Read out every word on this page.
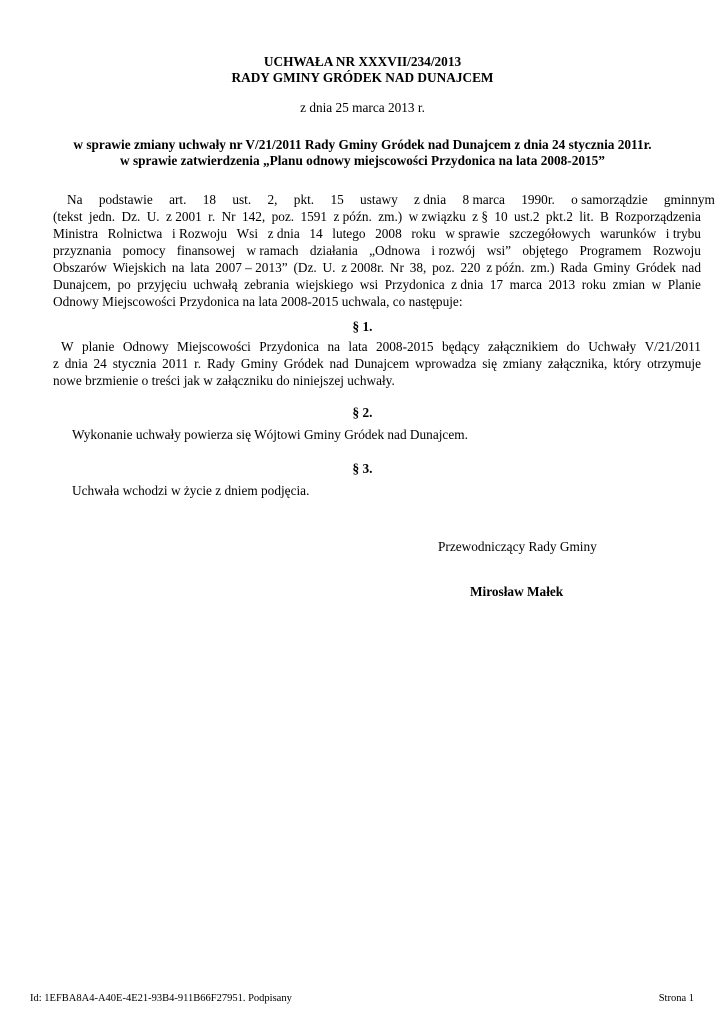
UCHWAŁA NR XXXVII/234/2013
RADY GMINY GRÓDEK NAD DUNAJCEM
z dnia 25 marca 2013 r.
w sprawie zmiany uchwały nr V/21/2011 Rady Gminy Gródek nad Dunajcem z dnia 24 stycznia 2011r.
w sprawie zatwierdzenia „Planu odnowy miejscowości Przydonica na lata 2008-2015”
Na podstawie art. 18 ust. 2, pkt. 15 ustawy z dnia 8 marca 1990r. o samorządzie gminnym
(tekst jedn. Dz. U. z 2001 r. Nr 142, poz. 1591 z późn. zm.) w związku z § 10 ust.2 pkt.2 lit. B Rozporządzenia
Ministra Rolnictwa i Rozwoju Wsi z dnia 14 lutego 2008 roku w sprawie szczegółowych warunków i trybu
przyznania pomocy finansowej w ramach działania „Odnowa i rozwój wsi” objętego Programem Rozwoju
Obszarów Wiejskich na lata 2007 – 2013” (Dz. U. z 2008r. Nr 38, poz. 220 z późn. zm.) Rada Gminy Gródek nad
Dunajcem, po przyjęciu uchwałą zebrania wiejskiego wsi Przydonica z dnia 17 marca 2013 roku zmian w Planie
Odnowy Miejscowości Przydonica na lata 2008-2015 uchwala, co następuje:
§ 1.
W planie Odnowy Miejscowości Przydonica na lata 2008-2015 będący załącznikiem do Uchwały V/21/2011
z dnia 24 stycznia 2011 r. Rady Gminy Gródek nad Dunajcem wprowadza się zmiany załącznika, który otrzymuje
nowe brzmienie o treści jak w załączniku do niniejszej uchwały.
§ 2.
Wykonanie uchwały powierza się Wójtowi Gminy Gródek nad Dunajcem.
§ 3.
Uchwała wchodzi w życie z dniem podjęcia.
Przewodniczący Rady Gminy
Mirosław Małek
Id: 1EFBA8A4-A40E-4E21-93B4-911B66F27951. Podpisany	Strona 1
